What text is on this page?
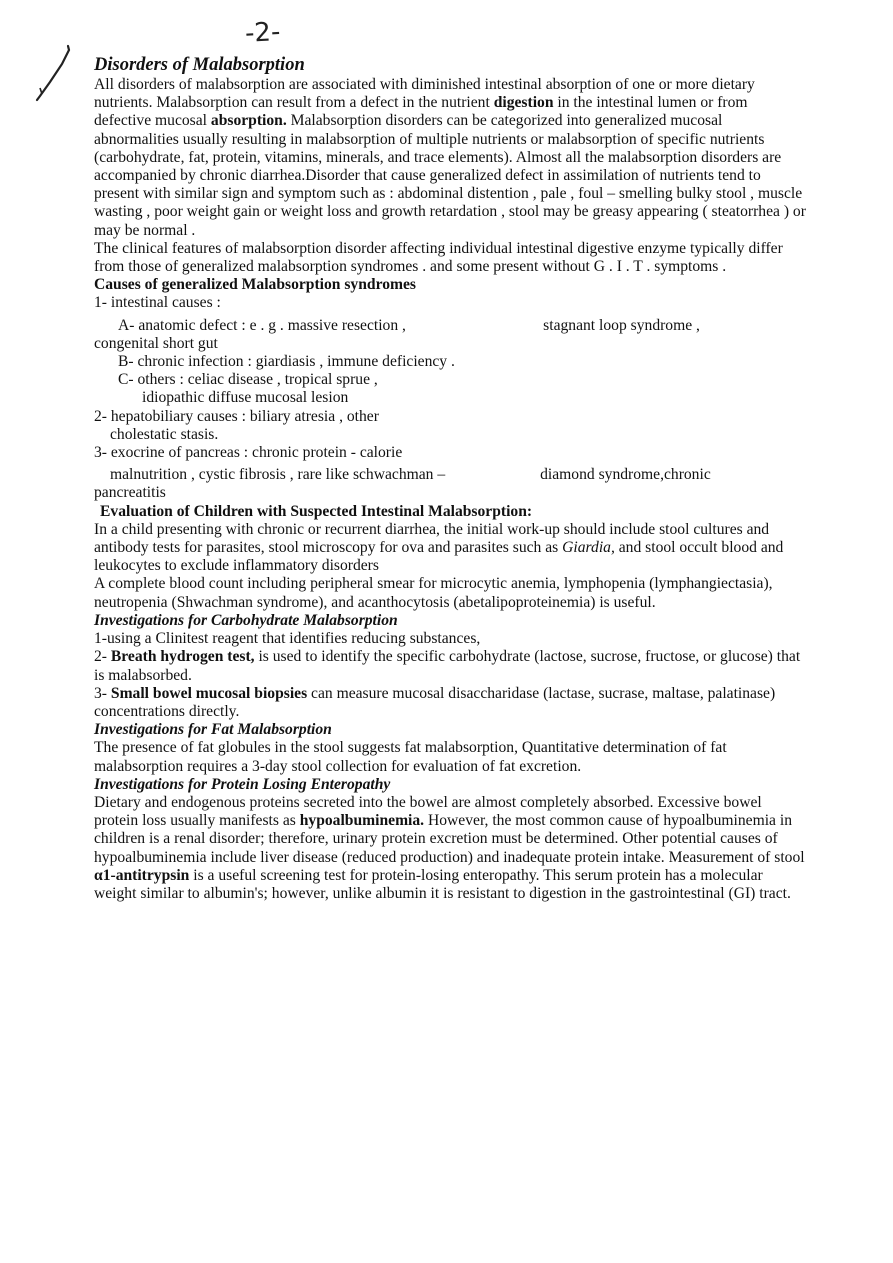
-2-

Disorders of Malabsorption

All disorders of malabsorption are associated with diminished intestinal absorption of one or more dietary nutrients. Malabsorption can result from a defect in the nutrient digestion in the intestinal lumen or from defective mucosal absorption. Malabsorption disorders can be categorized into generalized mucosal abnormalities usually resulting in malabsorption of multiple nutrients or malabsorption of specific nutrients (carbohydrate, fat, protein, vitamins, minerals, and trace elements). Almost all the malabsorption disorders are accompanied by chronic diarrhea.Disorder that cause generalized defect in assimilation of nutrients tend to present with similar sign and symptom such as : abdominal distention , pale , foul – smelling bulky stool , muscle wasting , poor weight gain or weight loss and growth retardation , stool may be greasy appearing ( steatorrhea ) or may be normal .

The clinical features of malabsorption disorder affecting individual intestinal digestive enzyme typically differ from those of generalized malabsorption syndromes . and some present without G . I . T . symptoms .

Causes of generalized Malabsorption syndromes

1- intestinal causes :

A- anatomic defect : e . g . massive resection ,	stagnant loop syndrome ,

congenital short gut

B- chronic infection : giardiasis , immune deficiency .

C- others : celiac disease , tropical sprue ,

idiopathic diffuse mucosal lesion

2- hepatobiliary causes : biliary atresia , other

cholestatic stasis.

3- exocrine of pancreas : chronic protein - calorie

malnutrition , cystic fibrosis , rare like schwachman –	diamond syndrome,chronic

pancreatitis

Evaluation of Children with Suspected Intestinal Malabsorption:

In a child presenting with chronic or recurrent diarrhea, the initial work-up should include stool cultures and antibody tests for parasites, stool microscopy for ova and parasites such as Giardia, and stool occult blood and leukocytes to exclude inflammatory disorders

A complete blood count including peripheral smear for microcytic anemia, lymphopenia (lymphangiectasia), neutropenia (Shwachman syndrome), and acanthocytosis (abetalipoproteinemia) is useful.

Investigations for Carbohydrate Malabsorption

1-using a Clinitest reagent that identifies reducing substances,

2- Breath hydrogen test, is used to identify the specific carbohydrate (lactose, sucrose, fructose, or glucose) that is malabsorbed.

3- Small bowel mucosal biopsies can measure mucosal disaccharidase (lactase, sucrase, maltase, palatinase) concentrations directly.

Investigations for Fat Malabsorption

The presence of fat globules in the stool suggests fat malabsorption, Quantitative determination of fat malabsorption requires a 3-day stool collection for evaluation of fat excretion.

Investigations for Protein Losing Enteropathy

Dietary and endogenous proteins secreted into the bowel are almost completely absorbed. Excessive bowel protein loss usually manifests as hypoalbuminemia. However, the most common cause of hypoalbuminemia in children is a renal disorder; therefore, urinary protein excretion must be determined. Other potential causes of hypoalbuminemia include liver disease (reduced production) and inadequate protein intake. Measurement of stool α1-antitrypsin is a useful screening test for protein-losing enteropathy. This serum protein has a molecular weight similar to albumin's; however, unlike albumin it is resistant to digestion in the gastrointestinal (GI) tract.
